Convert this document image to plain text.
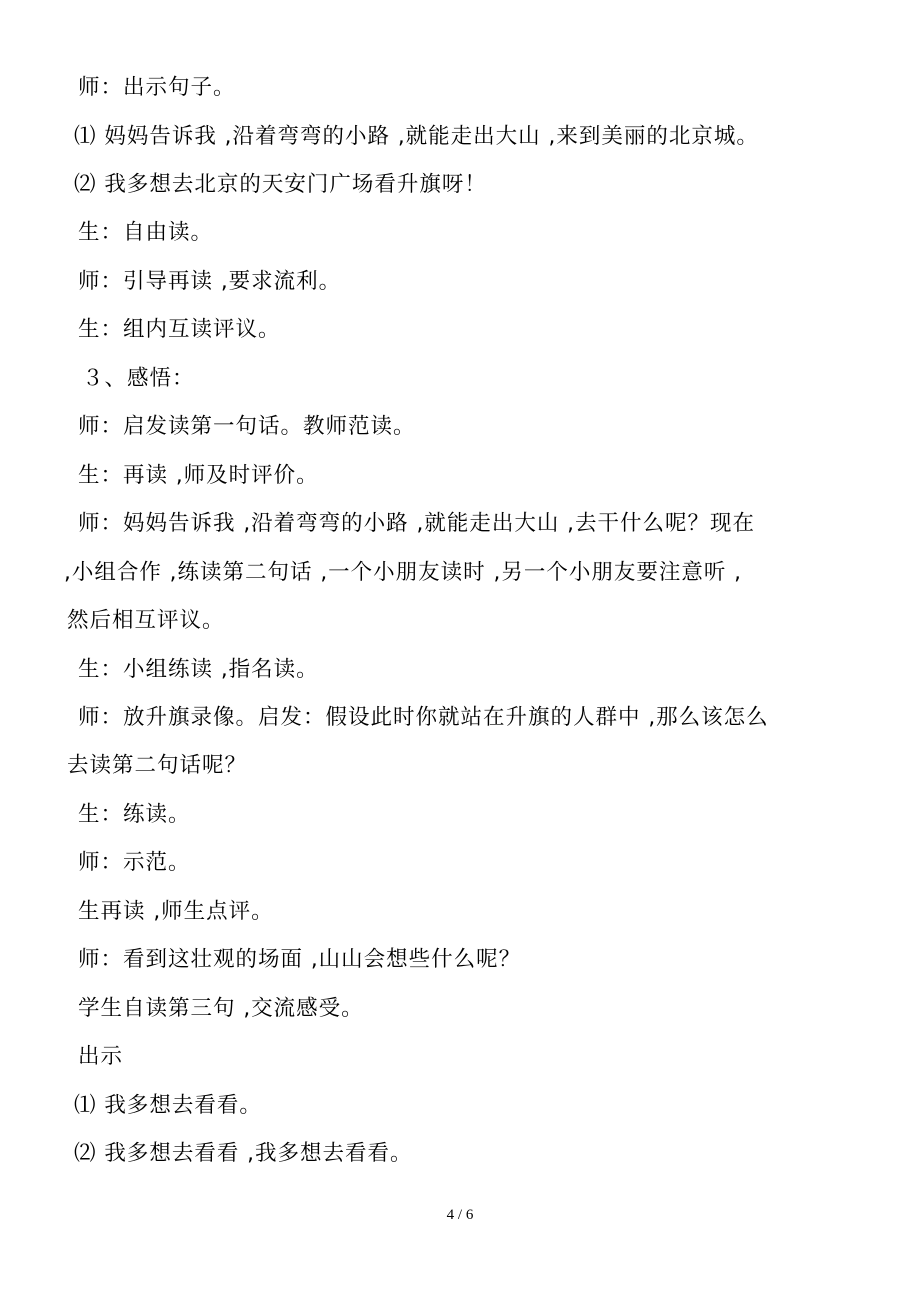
师：出示句子。
⑴ 妈妈告诉我 ,沿着弯弯的小路 ,就能走出大山 ,来到美丽的北京城。
⑵ 我多想去北京的天安门广场看升旗呀！
生：自由读。
师：引导再读 ,要求流利。
生：组内互读评议。
３、感悟：
师：启发读第一句话。教师范读。
生：再读 ,师及时评价。
师：妈妈告诉我 ,沿着弯弯的小路 ,就能走出大山 ,去干什么呢？现在
,小组合作 ,练读第二句话 ,一个小朋友读时 ,另一个小朋友要注意听 ,
然后相互评议。
生：小组练读 ,指名读。
师：放升旗录像。启发：假设此时你就站在升旗的人群中 ,那么该怎么
去读第二句话呢？
生：练读。
师：示范。
生再读 ,师生点评。
师：看到这壮观的场面 ,山山会想些什么呢？
学生自读第三句 ,交流感受。
出示
⑴ 我多想去看看。
⑵ 我多想去看看 ,我多想去看看。
4 / 6
